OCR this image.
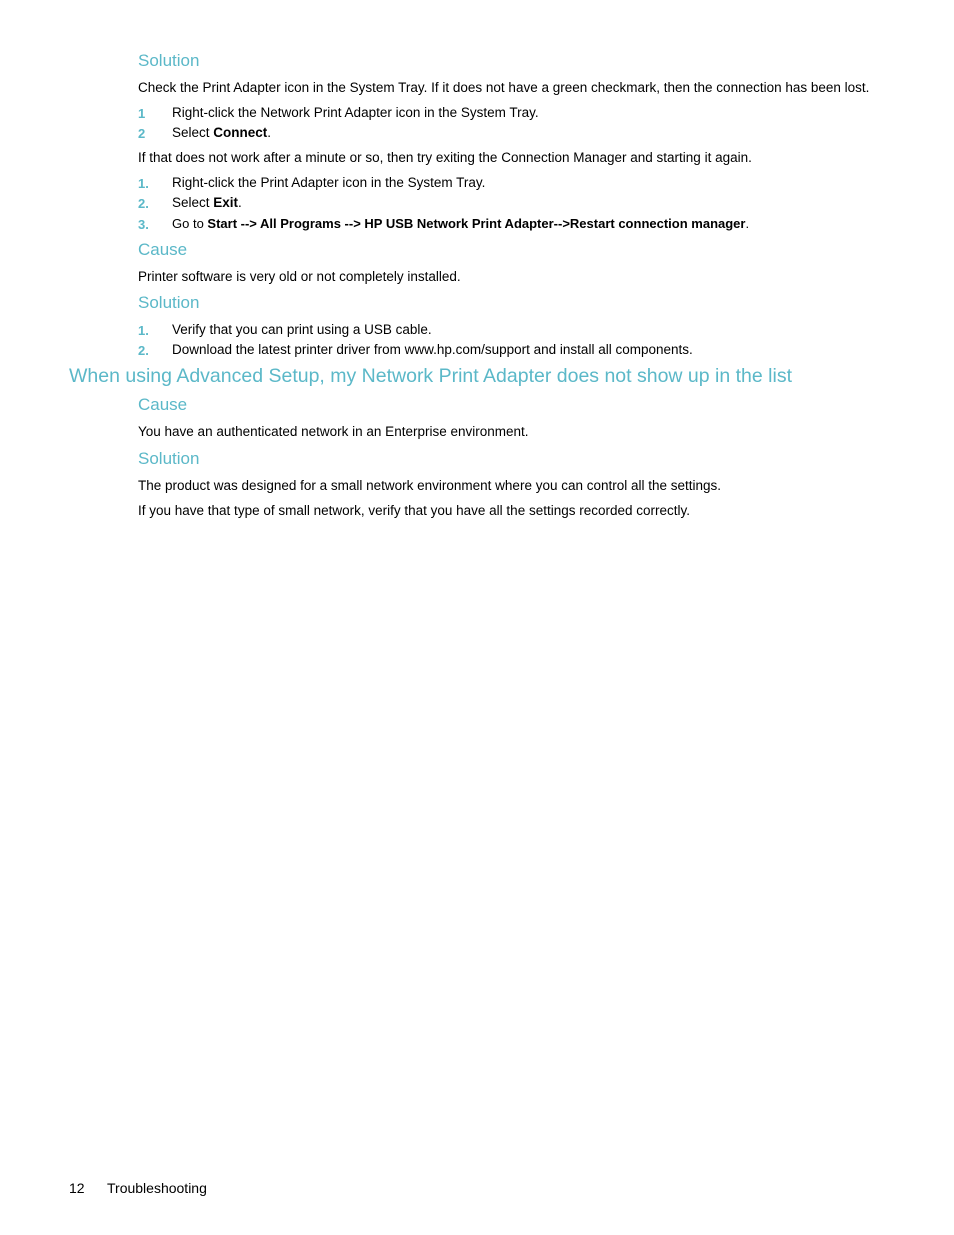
Solution
Check the Print Adapter icon in the System Tray. If it does not have a green checkmark, then the connection has been lost.
1 Right-click the Network Print Adapter icon in the System Tray.
2 Select Connect.
If that does not work after a minute or so, then try exiting the Connection Manager and starting it again.
1. Right-click the Print Adapter icon in the System Tray.
2. Select Exit.
3. Go to Start --> All Programs --> HP USB Network Print Adapter-->Restart connection manager.
Cause
Printer software is very old or not completely installed.
Solution
1. Verify that you can print using a USB cable.
2. Download the latest printer driver from www.hp.com/support and install all components.
When using Advanced Setup, my Network Print Adapter does not show up in the list
Cause
You have an authenticated network in an Enterprise environment.
Solution
The product was designed for a small network environment where you can control all the settings.
If you have that type of small network, verify that you have all the settings recorded correctly.
12 Troubleshooting
